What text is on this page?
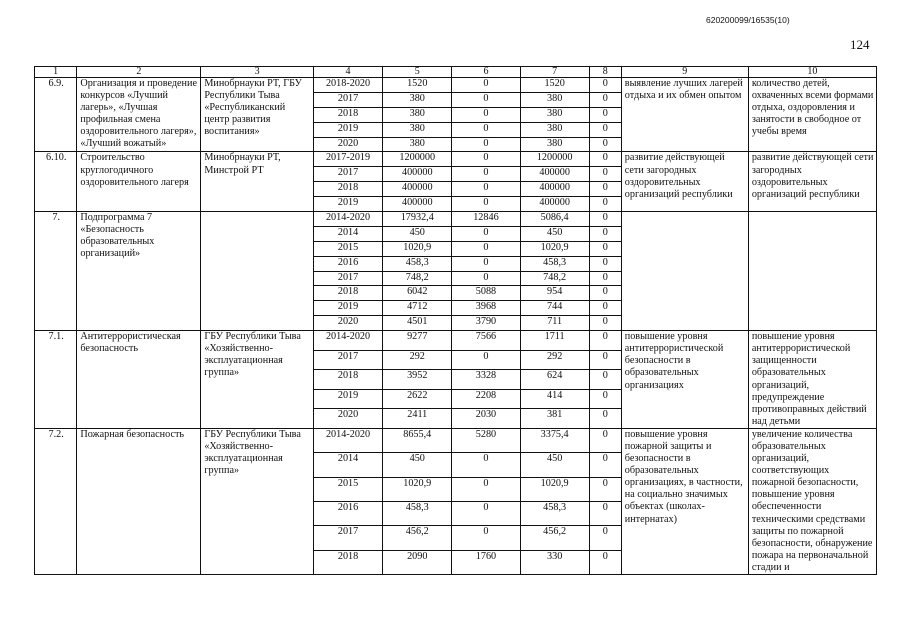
620200099/16535(10)
124
1	2	3	4	5	6	7	8	9	10
6.9.	Организация и проведение конкурсов «Лучший лагерь», «Лучшая профильная смена оздоровительного лагеря», «Лучший вожатый»	Минобрнауки РТ, ГБУ Республики Тыва «Республиканский центр развития воспитания»	2018-2020	1520	0	1520	0	выявление лучших лагерей отдыха и их обмен опытом	количество детей, охваченных всеми формами отдыха, оздоровления и занятости в свободное от учебы время
			2017	380	0	380	0		
			2018	380	0	380	0		
			2019	380	0	380	0		
			2020	380	0	380	0		
6.10.	Строительство круглогодичного оздоровительного лагеря	Минобрнауки РТ, Минстрой РТ	2017-2019	1200000	0	1200000	0	развитие действующей сети загородных оздоровительных организаций республики	развитие действующей сети загородных оздоровительных организаций республики
			2017	400000	0	400000	0		
			2018	400000	0	400000	0		
			2019	400000	0	400000	0		
7.	Подпрограмма 7 «Безопасность образовательных организаций»		2014-2020	17932,4	12846	5086,4	0		
			2014	450	0	450	0		
			2015	1020,9	0	1020,9	0		
			2016	458,3	0	458,3	0		
			2017	748,2	0	748,2	0		
			2018	6042	5088	954	0		
			2019	4712	3968	744	0		
			2020	4501	3790	711	0		
7.1.	Антитеррористическая безопасность	ГБУ Республики Тыва «Хозяйственно-эксплуатационная группа»	2014-2020	9277	7566	1711	0	повышение уровня антитеррористической безопасности в образовательных организациях	повышение уровня антитеррористической защищенности образовательных организаций, предупреждение противоправных действий над детьми
			2017	292	0	292	0		
			2018	3952	3328	624	0		
			2019	2622	2208	414	0		
			2020	2411	2030	381	0		
7.2.	Пожарная безопасность	ГБУ Республики Тыва «Хозяйственно-эксплуатационная группа»	2014-2020	8655,4	5280	3375,4	0	повышение уровня пожарной защиты и безопасности в образовательных организациях, в частности, на социально значимых объектах (школах-интернатах)	увеличение количества образовательных организаций, соответствующих пожарной безопасности, повышение уровня обеспеченности техническими средствами защиты по пожарной безопасности, обнаружение пожара на первоначальной стадии и
			2014	450	0	450	0		
			2015	1020,9	0	1020,9	0		
			2016	458,3	0	458,3	0		
			2017	456,2	0	456,2	0		
			2018	2090	1760	330	0		
